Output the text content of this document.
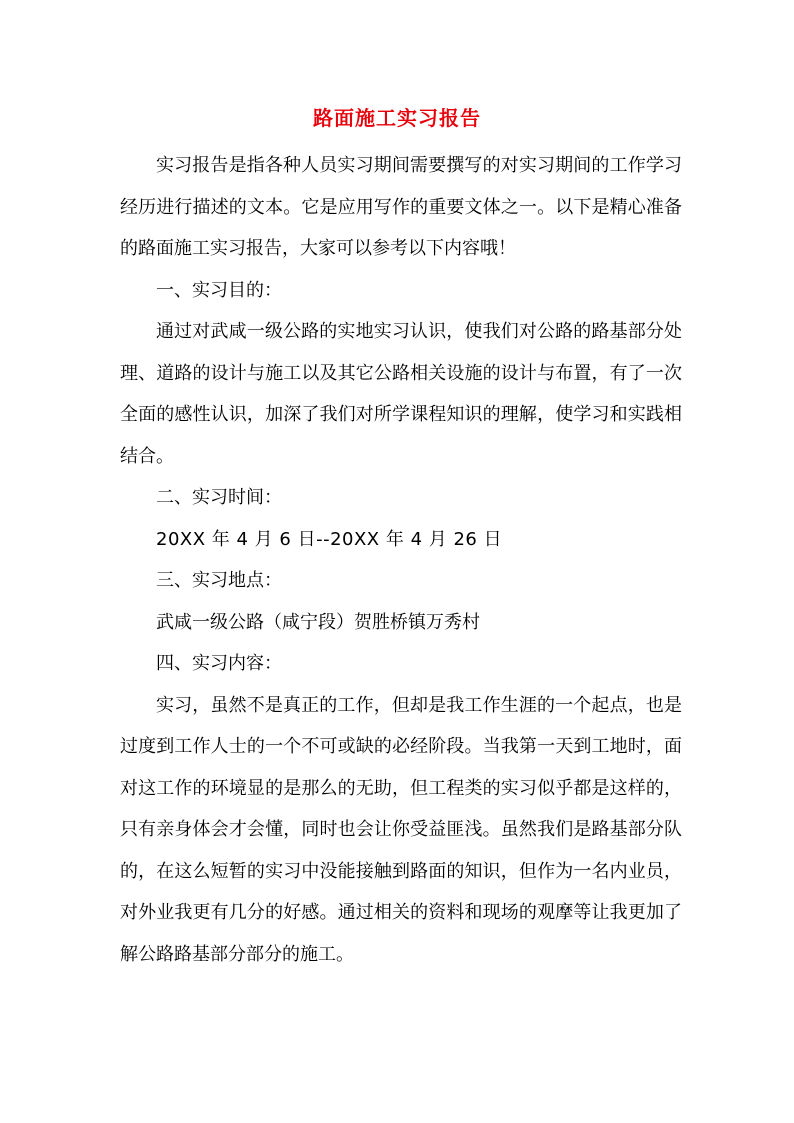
路面施工实习报告

实习报告是指各种人员实习期间需要撰写的对实习期间的工作学习经历进行描述的文本。它是应用写作的重要文体之一。以下是精心准备的路面施工实习报告，大家可以参考以下内容哦！

一、实习目的：

通过对武咸一级公路的实地实习认识，使我们对公路的路基部分处理、道路的设计与施工以及其它公路相关设施的设计与布置，有了一次全面的感性认识，加深了我们对所学课程知识的理解，使学习和实践相结合。

二、实习时间：

20XX 年 4 月 6 日--20XX 年 4 月 26 日

三、实习地点：

武咸一级公路（咸宁段）贺胜桥镇万秀村

四、实习内容：

实习，虽然不是真正的工作，但却是我工作生涯的一个起点，也是过度到工作人士的一个不可或缺的必经阶段。当我第一天到工地时，面对这工作的环境显的是那么的无助，但工程类的实习似乎都是这样的，只有亲身体会才会懂，同时也会让你受益匪浅。虽然我们是路基部分队的，在这么短暂的实习中没能接触到路面的知识，但作为一名内业员，对外业我更有几分的好感。通过相关的资料和现场的观摩等让我更加了解公路路基部分部分的施工。
